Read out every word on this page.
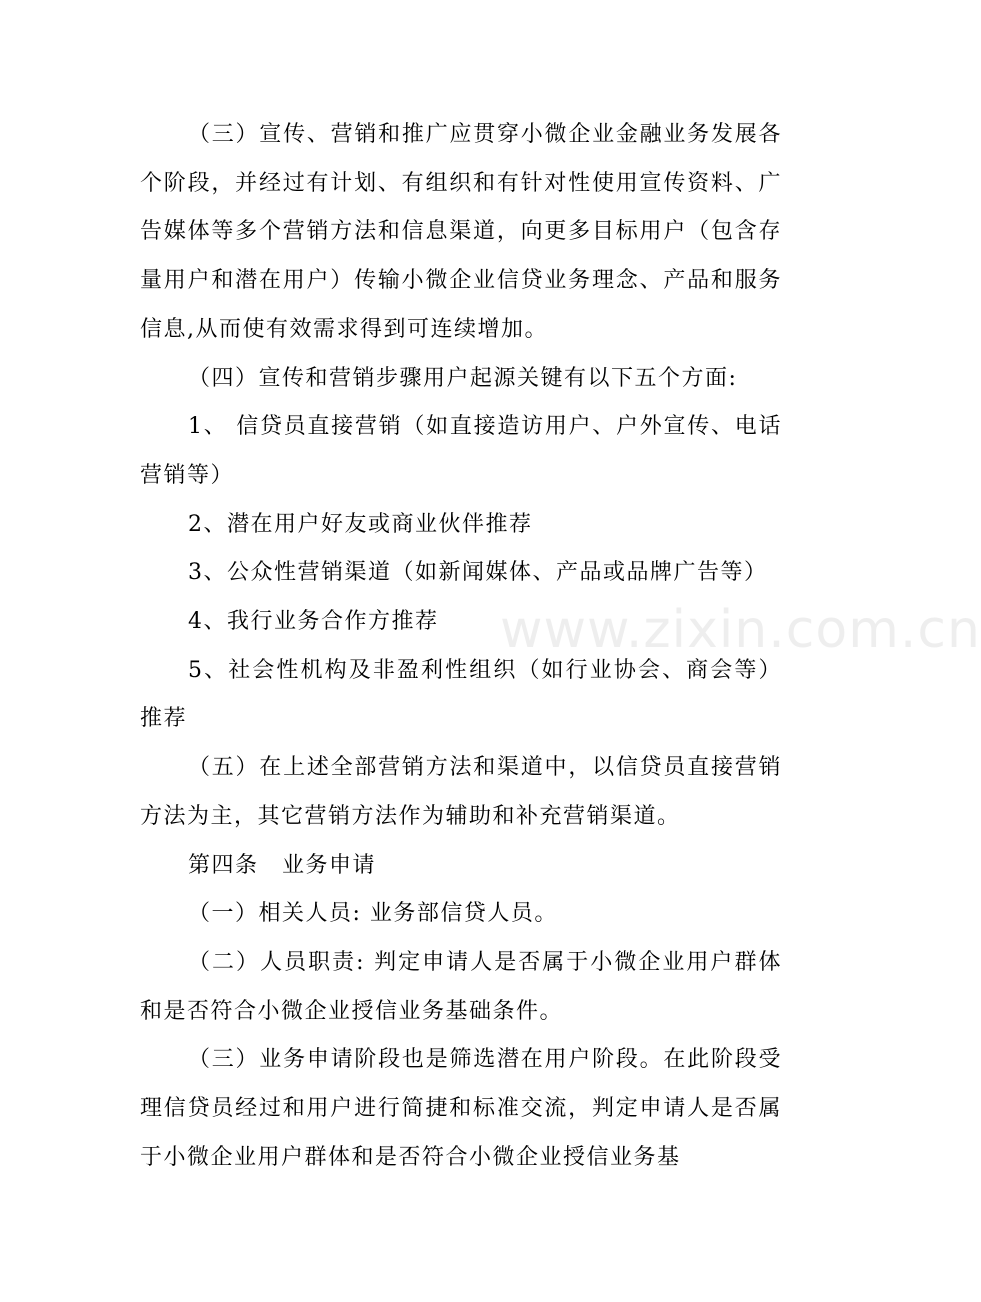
www.zixin.com.cn

（三）宣传、营销和推广应贯穿小微企业金融业务发展各个阶段，并经过有计划、有组织和有针对性使用宣传资料、广告媒体等多个营销方法和信息渠道，向更多目标用户（包含存量用户和潜在用户）传输小微企业信贷业务理念、产品和服务信息,从而使有效需求得到可连续增加。

（四）宣传和营销步骤用户起源关键有以下五个方面:

1、 信贷员直接营销（如直接造访用户、户外宣传、电话营销等）

2、潜在用户好友或商业伙伴推荐

3、公众性营销渠道（如新闻媒体、产品或品牌广告等）

4、我行业务合作方推荐

5、社会性机构及非盈利性组织（如行业协会、商会等）推荐

（五）在上述全部营销方法和渠道中，以信贷员直接营销方法为主，其它营销方法作为辅助和补充营销渠道。

第四条　业务申请

（一）相关人员: 业务部信贷人员。

（二）人员职责: 判定申请人是否属于小微企业用户群体和是否符合小微企业授信业务基础条件。

（三）业务申请阶段也是筛选潜在用户阶段。在此阶段受理信贷员经过和用户进行简捷和标准交流，判定申请人是否属于小微企业用户群体和是否符合小微企业授信业务基
